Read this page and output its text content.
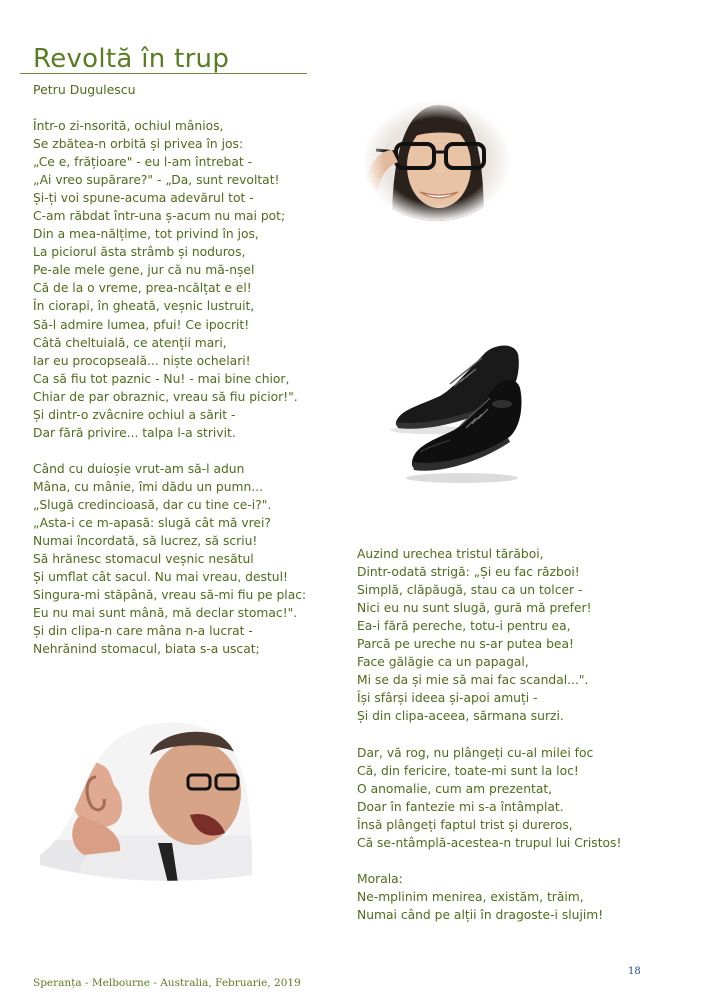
Revoltă în trup
Petru Dugulescu
Într-o zi-nsorită, ochiul mânios,
Se zbătea-n orbită și privea în jos:
„Ce e, frățioare" - eu l-am întrebat -
„Ai vreo supărare?" - „Da, sunt revoltat!
Și-ți voi spune-acuma adevărul tot -
C-am răbdat într-una ș-acum nu mai pot;
Din a mea-nălțime, tot privind în jos,
La piciorul ăsta strâmb și noduros,
Pe-ale mele gene, jur că nu mă-nșel
Că de la o vreme, prea-ncălțat e el!
În ciorapi, în gheată, veșnic lustruit,
Să-l admire lumea, pfui! Ce ipocrit!
Câtă cheltuială, ce atenții mari,
Iar eu procopseală... niște ochelari!
Ca să fiu tot paznic - Nu! - mai bine chior,
Chiar de par obraznic, vreau să fiu picior!".
Și dintr-o zvâcnire ochiul a sărit -
Dar fără privire... talpa l-a strivit.
Când cu duioșie vrut-am să-l adun
Mâna, cu mânie, îmi dădu un pumn...
„Slugă credincioasă, dar cu tine ce-i?".
„Asta-i ce m-apasă: slugă cât mă vrei?
Numai încordată, să lucrez, să scriu!
Să hrănesc stomacul veșnic nesătul
Și umflat cât sacul. Nu mai vreau, destul!
Singura-mi stăpână, vreau să-mi fiu pe plac:
Eu nu mai sunt mână, mă declar stomac!".
Și din clipa-n care mâna n-a lucrat -
Nehrănind stomacul, biata s-a uscat;
Auzind urechea tristul tărăboi,
Dintr-odată strigă: „Și eu fac război!
Simplă, clăpăugă, stau ca un tolcer -
Nici eu nu sunt slugă, gură mă prefer!
Ea-i fără pereche, totu-i pentru ea,
Parcă pe ureche nu s-ar putea bea!
Face gălăgie ca un papagal,
Mi se da și mie să mai fac scandal...".
Își sfârși ideea și-apoi amuți -
Și din clipa-aceea, sărmana surzi.
Dar, vă rog, nu plângeți cu-al milei foc
Că, din fericire, toate-mi sunt la loc!
O anomalie, cum am prezentat,
Doar în fantezie mi s-a întâmplat.
Însă plângeți faptul trist și dureros,
Că se-ntâmplă-acestea-n trupul lui Cristos!
Morala:
Ne-mplinim menirea, existăm, trăim,
Numai când pe alții în dragoste-i slujim!
Speranța - Melbourne - Australia, Februarie, 2019
18
